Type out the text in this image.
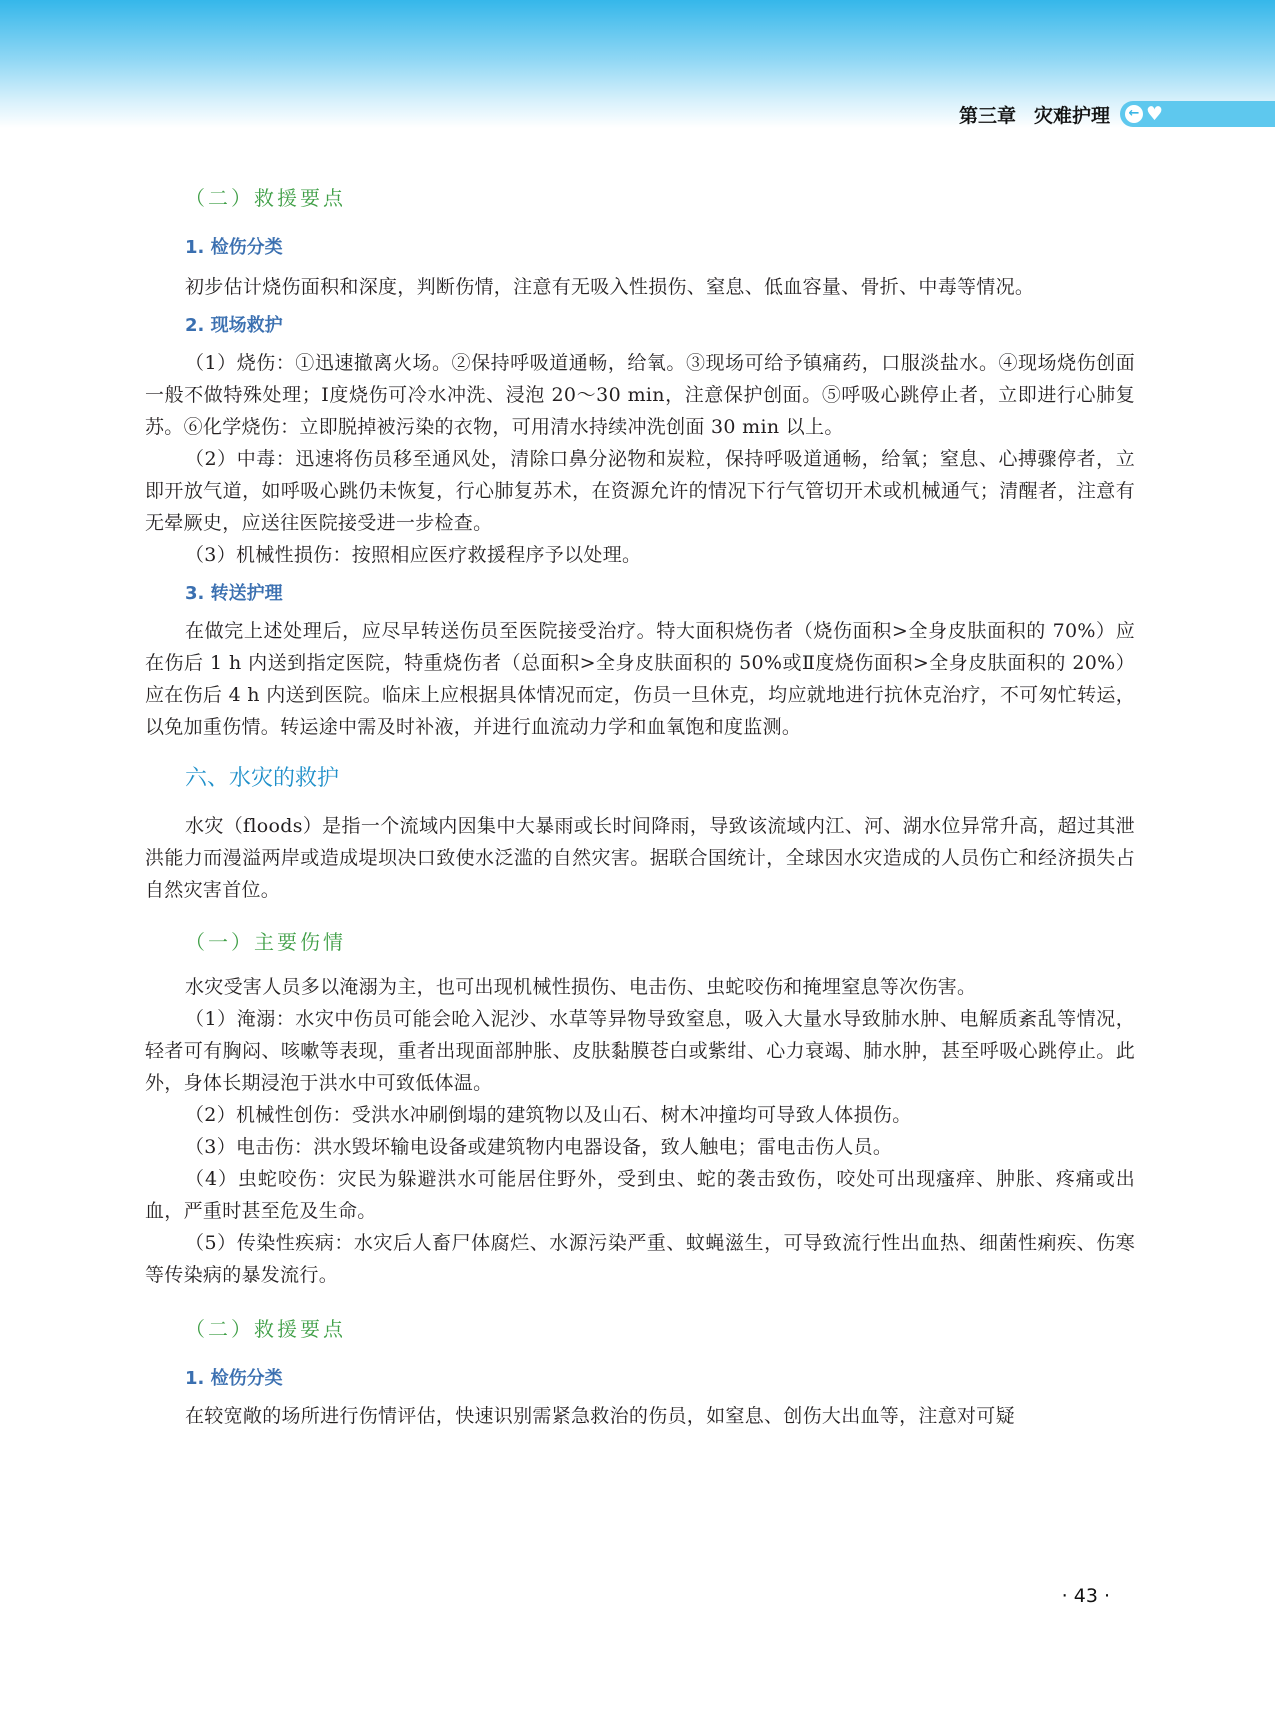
第三章 灾难护理 ← ♥
（二）救援要点
1. 检伤分类

初步估计烧伤面积和深度，判断伤情，注意有无吸入性损伤、窒息、低血容量、骨折、中毒等情况。

2. 现场救护

（1）烧伤：①迅速撤离火场。②保持呼吸道通畅，给氧。③现场可给予镇痛药，口服淡盐水。④现场烧伤创面一般不做特殊处理；Ⅰ度烧伤可冷水冲洗、浸泡 20～30 min，注意保护创面。⑤呼吸心跳停止者，立即进行心肺复苏。⑥化学烧伤：立即脱掉被污染的衣物，可用清水持续冲洗创面 30 min 以上。

（2）中毒：迅速将伤员移至通风处，清除口鼻分泌物和炭粒，保持呼吸道通畅，给氧；窒息、心搏骤停者，立即开放气道，如呼吸心跳仍未恢复，行心肺复苏术，在资源允许的情况下行气管切开术或机械通气；清醒者，注意有无晕厥史，应送往医院接受进一步检查。

（3）机械性损伤：按照相应医疗救援程序予以处理。

3. 转送护理

在做完上述处理后，应尽早转送伤员至医院接受治疗。特大面积烧伤者（烧伤面积>全身皮肤面积的 70%）应在伤后 1 h 内送到指定医院，特重烧伤者（总面积>全身皮肤面积的 50%或Ⅱ度烧伤面积>全身皮肤面积的 20%）应在伤后 4 h 内送到医院。临床上应根据具体情况而定，伤员一旦休克，均应就地进行抗休克治疗，不可匆忙转运，以免加重伤情。转运途中需及时补液，并进行血流动力学和血氧饱和度监测。

六、水灾的救护

水灾（floods）是指一个流域内因集中大暴雨或长时间降雨，导致该流域内江、河、湖水位异常升高，超过其泄洪能力而漫溢两岸或造成堤坝决口致使水泛滥的自然灾害。据联合国统计，全球因水灾造成的人员伤亡和经济损失占自然灾害首位。

（一）主要伤情

水灾受害人员多以淹溺为主，也可出现机械性损伤、电击伤、虫蛇咬伤和掩埋窒息等次伤害。

（1）淹溺：水灾中伤员可能会呛入泥沙、水草等异物导致窒息，吸入大量水导致肺水肿、电解质紊乱等情况，轻者可有胸闷、咳嗽等表现，重者出现面部肿胀、皮肤黏膜苍白或紫绀、心力衰竭、肺水肿，甚至呼吸心跳停止。此外，身体长期浸泡于洪水中可致低体温。

（2）机械性创伤：受洪水冲刷倒塌的建筑物以及山石、树木冲撞均可导致人体损伤。

（3）电击伤：洪水毁坏输电设备或建筑物内电器设备，致人触电；雷电击伤人员。

（4）虫蛇咬伤：灾民为躲避洪水可能居住野外，受到虫、蛇的袭击致伤，咬处可出现瘙痒、肿胀、疼痛或出血，严重时甚至危及生命。

（5）传染性疾病：水灾后人畜尸体腐烂、水源污染严重、蚊蝇滋生，可导致流行性出血热、细菌性痢疾、伤寒等传染病的暴发流行。

（二）救援要点
1. 检伤分类

在较宽敞的场所进行伤情评估，快速识别需紧急救治的伤员，如窒息、创伤大出血等，注意对可疑

· 43 ·
